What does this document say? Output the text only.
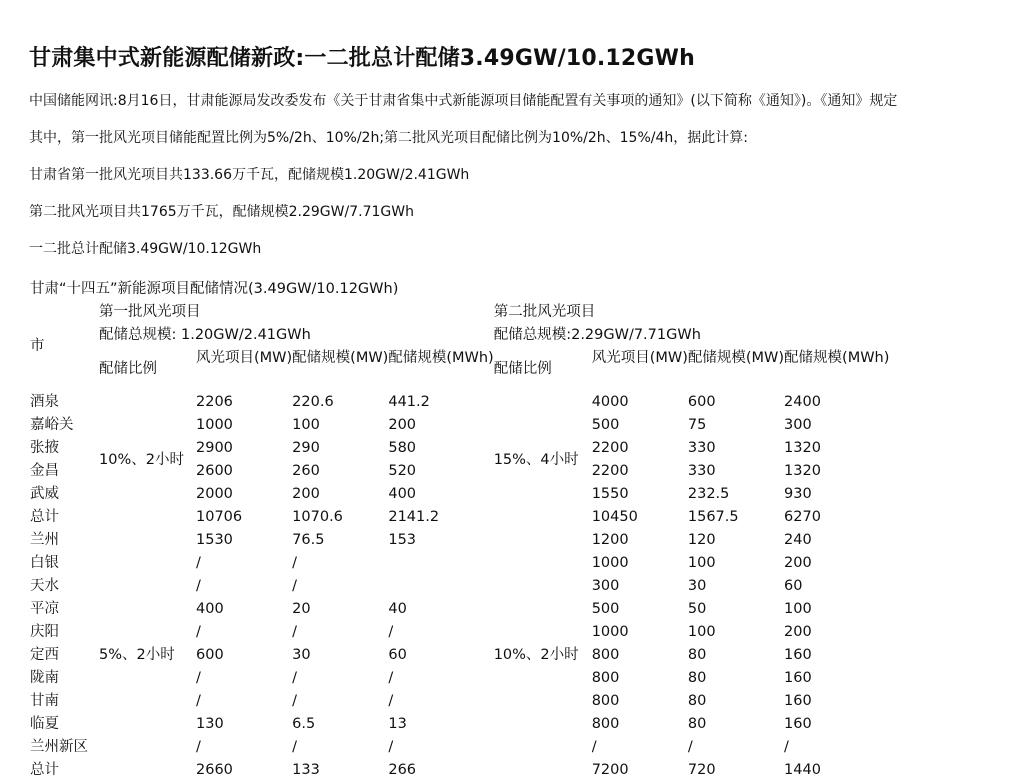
甘肃集中式新能源配储新政:一二批总计配储3.49GW/10.12GWh

中国储能网讯:8月16日，甘肃能源局发改委发布《关于甘肃省集中式新能源项目储能配置有关事项的通知》(以下简称《通知》)。《通知》规定

其中，第一批风光项目储能配置比例为5%/2h、10%/2h;第二批风光项目配储比例为10%/2h、15%/4h，据此计算:

甘肃省第一批风光项目共133.66万千瓦，配储规模1.20GW/2.41GWh

第二批风光项目共1765万千瓦，配储规模2.29GW/7.71GWh

一二批总计配储3.49GW/10.12GWh

甘肃“十四五”新能源项目配储情况(3.49GW/10.12GWh)								
市	第一批风光项目				第二批风光项目			
	配储总规模: 1.20GW/2.41GWh				配储总规模:2.29GW/7.71GWh			
	配储比例	风光项目(MW)	配储规模(MW)	配储规模(MWh)	配储比例	风光项目(MW)	配储规模(MW)	配储规模(MWh)
酒泉	10%、2小时	2206	220.6	441.2	15%、4小时	4000	600	2400
嘉峪关		1000	100	200		500	75	300
张掖		2900	290	580		2200	330	1320
金昌		2600	260	520		2200	330	1320
武威		2000	200	400		1550	232.5	930
总计		10706	1070.6	2141.2		10450	1567.5	6270
兰州	5%、2小时	1530	76.5	153	10%、2小时	1200	120	240
白银		/	/			1000	100	200
天水		/	/			300	30	60
平凉		400	20	40		500	50	100
庆阳		/	/	/		1000	100	200
定西		600	30	60		800	80	160
陇南		/	/	/		800	80	160
甘南		/	/	/		800	80	160
临夏		130	6.5	13		800	80	160
兰州新区		/	/	/		/	/	/
总计		2660	133	266		7200	720	1440
